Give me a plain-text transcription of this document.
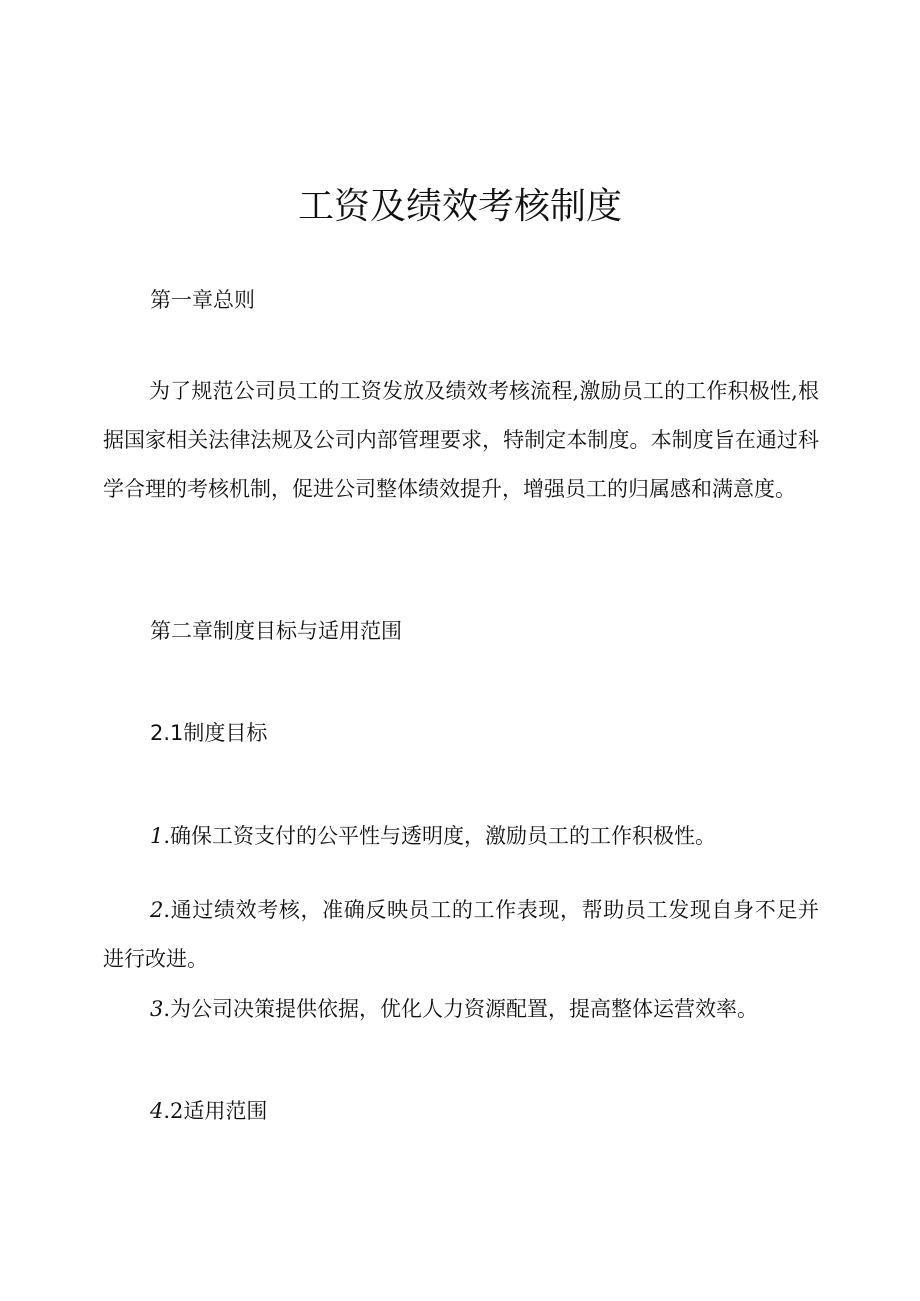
工资及绩效考核制度
第一章总则
为了规范公司员工的工资发放及绩效考核流程,激励员工的工作积极性,根据国家相关法律法规及公司内部管理要求，特制定本制度。本制度旨在通过科学合理的考核机制，促进公司整体绩效提升，增强员工的归属感和满意度。
第二章制度目标与适用范围
2.1制度目标
1.确保工资支付的公平性与透明度，激励员工的工作积极性。
2.通过绩效考核，准确反映员工的工作表现，帮助员工发现自身不足并进行改进。
3.为公司决策提供依据，优化人力资源配置，提高整体运营效率。
4.2适用范围
